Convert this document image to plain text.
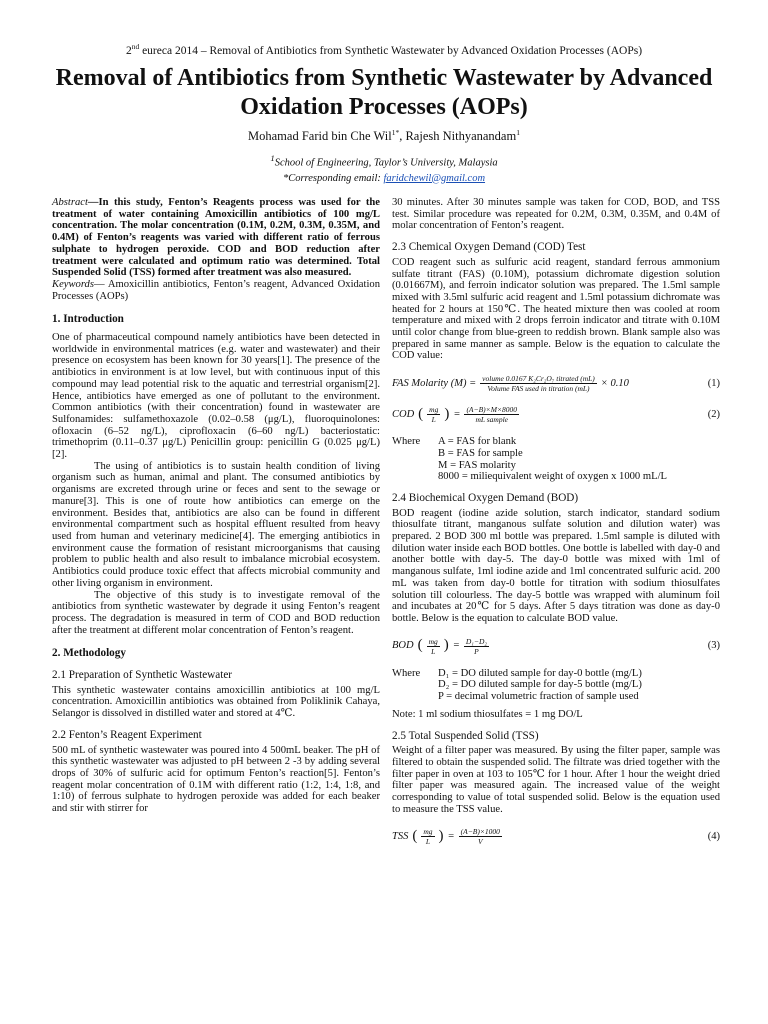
2nd eureca 2014 – Removal of Antibiotics from Synthetic Wastewater by Advanced Oxidation Processes (AOPs)
Removal of Antibiotics from Synthetic Wastewater by Advanced Oxidation Processes (AOPs)
Mohamad Farid bin Che Wil$^{1*}$, Rajesh Nithyanandam$^1$
$^1$School of Engineering, Taylor’s University, Malaysia
*Corresponding email: faridchewil@gmail.com

Abstract—In this study, Fenton’s Reagents process was used for the treatment of water containing Amoxicillin antibiotics of 100 mg/L concentration. The molar concentration (0.1M, 0.2M, 0.3M, 0.35M, and 0.4M) of Fenton’s reagents was varied with different ratio of ferrous sulphate to hydrogen peroxide. COD and BOD reduction after treatment were calculated and optimum ratio was determined. Total Suspended Solid (TSS) formed after treatment was also measured.

Keywords— Amoxicillin antibiotics, Fenton’s reagent, Advanced Oxidation Processes (AOPs)

1. Introduction

One of pharmaceutical compound namely antibiotics have been detected in worldwide in environmental matrices (e.g. water and wastewater) and their presence on ecosystem has been known for 30 years[1]. The presence of the antibiotics in environment is at low level, but with continuous input of this compound may lead potential risk to the aquatic and terrestrial organism[2]. Hence, antibiotics have emerged as one of pollutant to the environment. Common antibiotics (with their concentration) found in wastewater are Sulfonamides: sulfamethoxazole (0.02–0.58 (μg/L), fluoroquinolones: ofloxacin (6–52 ng/L), ciprofloxacin (6–60 ng/L) bacteriostatic: trimethoprim (0.11–0.37 μg/L) Penicillin group: penicillin G (0.025 μg/L)[2].

The using of antibiotics is to sustain health condition of living organism such as human, animal and plant. The consumed antibiotics by organisms are excreted through urine or feces and sent to the sewage or manure[3]. This is one of route how antibiotics can emerge on the environment. Besides that, antibiotics are also can be found in different environmental compartment such as hospital effluent resulted from heavy used from human and veterinary medicine[4]. The emerging antibiotics in environment cause the formation of resistant microorganisms that causing problem to public health and also result to imbalance microbial ecosystem. Antibiotics could produce toxic effect that affects microbial community and other living organism in environment.

The objective of this study is to investigate removal of the antibiotics from synthetic wastewater by degrade it using Fenton’s reagent process. The degradation is measured in term of COD and BOD reduction after the treatment at different molar concentration of Fenton’s reagent.

2. Methodology
2.1 Preparation of Synthetic Wastewater

This synthetic wastewater contains amoxicillin antibiotics at 100 mg/L concentration. Amoxicillin antibiotics was obtained from Poliklinik Cahaya, Selangor is dissolved in distilled water and stored at 4℃.

2.2 Fenton’s Reagent Experiment

500 mL of synthetic wastewater was poured into 4 500mL beaker. The pH of this synthetic wastewater was adjusted to pH between 2 -3 by adding several drops of 30% of sulfuric acid for optimum Fenton’s reaction[5]. Fenton’s reagent molar concentration of 0.1M with different ratio (1:2, 1:4, 1:8, and 1:10) of ferrous sulphate to hydrogen peroxide was added for each beaker and stir with stirrer for

30 minutes. After 30 minutes sample was taken for COD, BOD, and TSS test. Similar procedure was repeated for 0.2M, 0.3M, 0.35M, and 0.4M of molar concentration of Fenton’s reagent.

2.3 Chemical Oxygen Demand (COD) Test

COD reagent such as sulfuric acid reagent, standard ferrous ammonium sulfate titrant (FAS) (0.10M), potassium dichromate digestion solution (0.01667M), and ferroin indicator solution was prepared. The 1.5ml sample mixed with 3.5ml sulfuric acid reagent and 1.5ml potassium dichromate was heated for 2 hours at 150℃. The heated mixture then was cooled at room temperature and mixed with 2 drops ferroin indicator and titrate with 0.10M until color change from blue-green to reddish brown. Blank sample also was prepared in same manner as sample. Below is the equation to calculate the COD value:

FAS Molarity $(M) = \frac{\text{volume 0.0167 K₂Cr₂O₇ titrated (mL)}}{\text{Volume FAS used in titration (mL)}} \times 0.10$	(1)
COD ( $\frac{mg}{L}$ ) = $\frac{(A-B)\times M\times 8000}{\text{mL sample}}$	(2)
Where	A = FAS for blank

B = FAS for sample

M = FAS molarity

8000 = miliequivalent weight of oxygen x 1000 mL/L

2.4 Biochemical Oxygen Demand (BOD)

BOD reagent (iodine azide solution, starch indicator, standard sodium thiosulfate titrant, manganous sulfate solution and dilution water) was prepared. 2 BOD 300 ml bottle was prepared. 1.5ml sample is diluted with dilution water inside each BOD bottles. One bottle is labelled with day-0 and another bottle with day-5. The day-0 bottle was mixed with 1ml of manganous sulfate, 1ml iodine azide and 1ml concentrated sulfuric acid. 200 mL was taken from day-0 bottle for titration with sodium thiosulfates solution till colourless. The day-5 bottle was wrapped with aluminum foil and incubates at 20℃ for 5 days. After 5 days titration was done as day-0 bottle. Below is the equation to calculate BOD value.

BOD ( $\frac{mg}{L}$ ) = $\frac{\text{D₁−D₂}}{P}$	(3)
Where	D₁ = DO diluted sample for day-0 bottle (mg/L)

D₂ = DO diluted sample for day-5 bottle (mg/L)

P = decimal volumetric fraction of sample used

Note: 1 ml sodium thiosulfates = 1 mg DO/L

2.5 Total Suspended Solid (TSS)

Weight of a filter paper was measured. By using the filter paper, sample was filtered to obtain the suspended solid. The filtrate was dried together with the filter paper in oven at 103 to 105℃ for 1 hour. After 1 hour the weight dried filter paper was measured again. The increased value of the weight corresponding to value of total suspended solid. Below is the equation used to measure the TSS value.

TSS ( $\frac{mg}{L}$ ) = $\frac{(A-B)\times 1000}{V}$	(4)
